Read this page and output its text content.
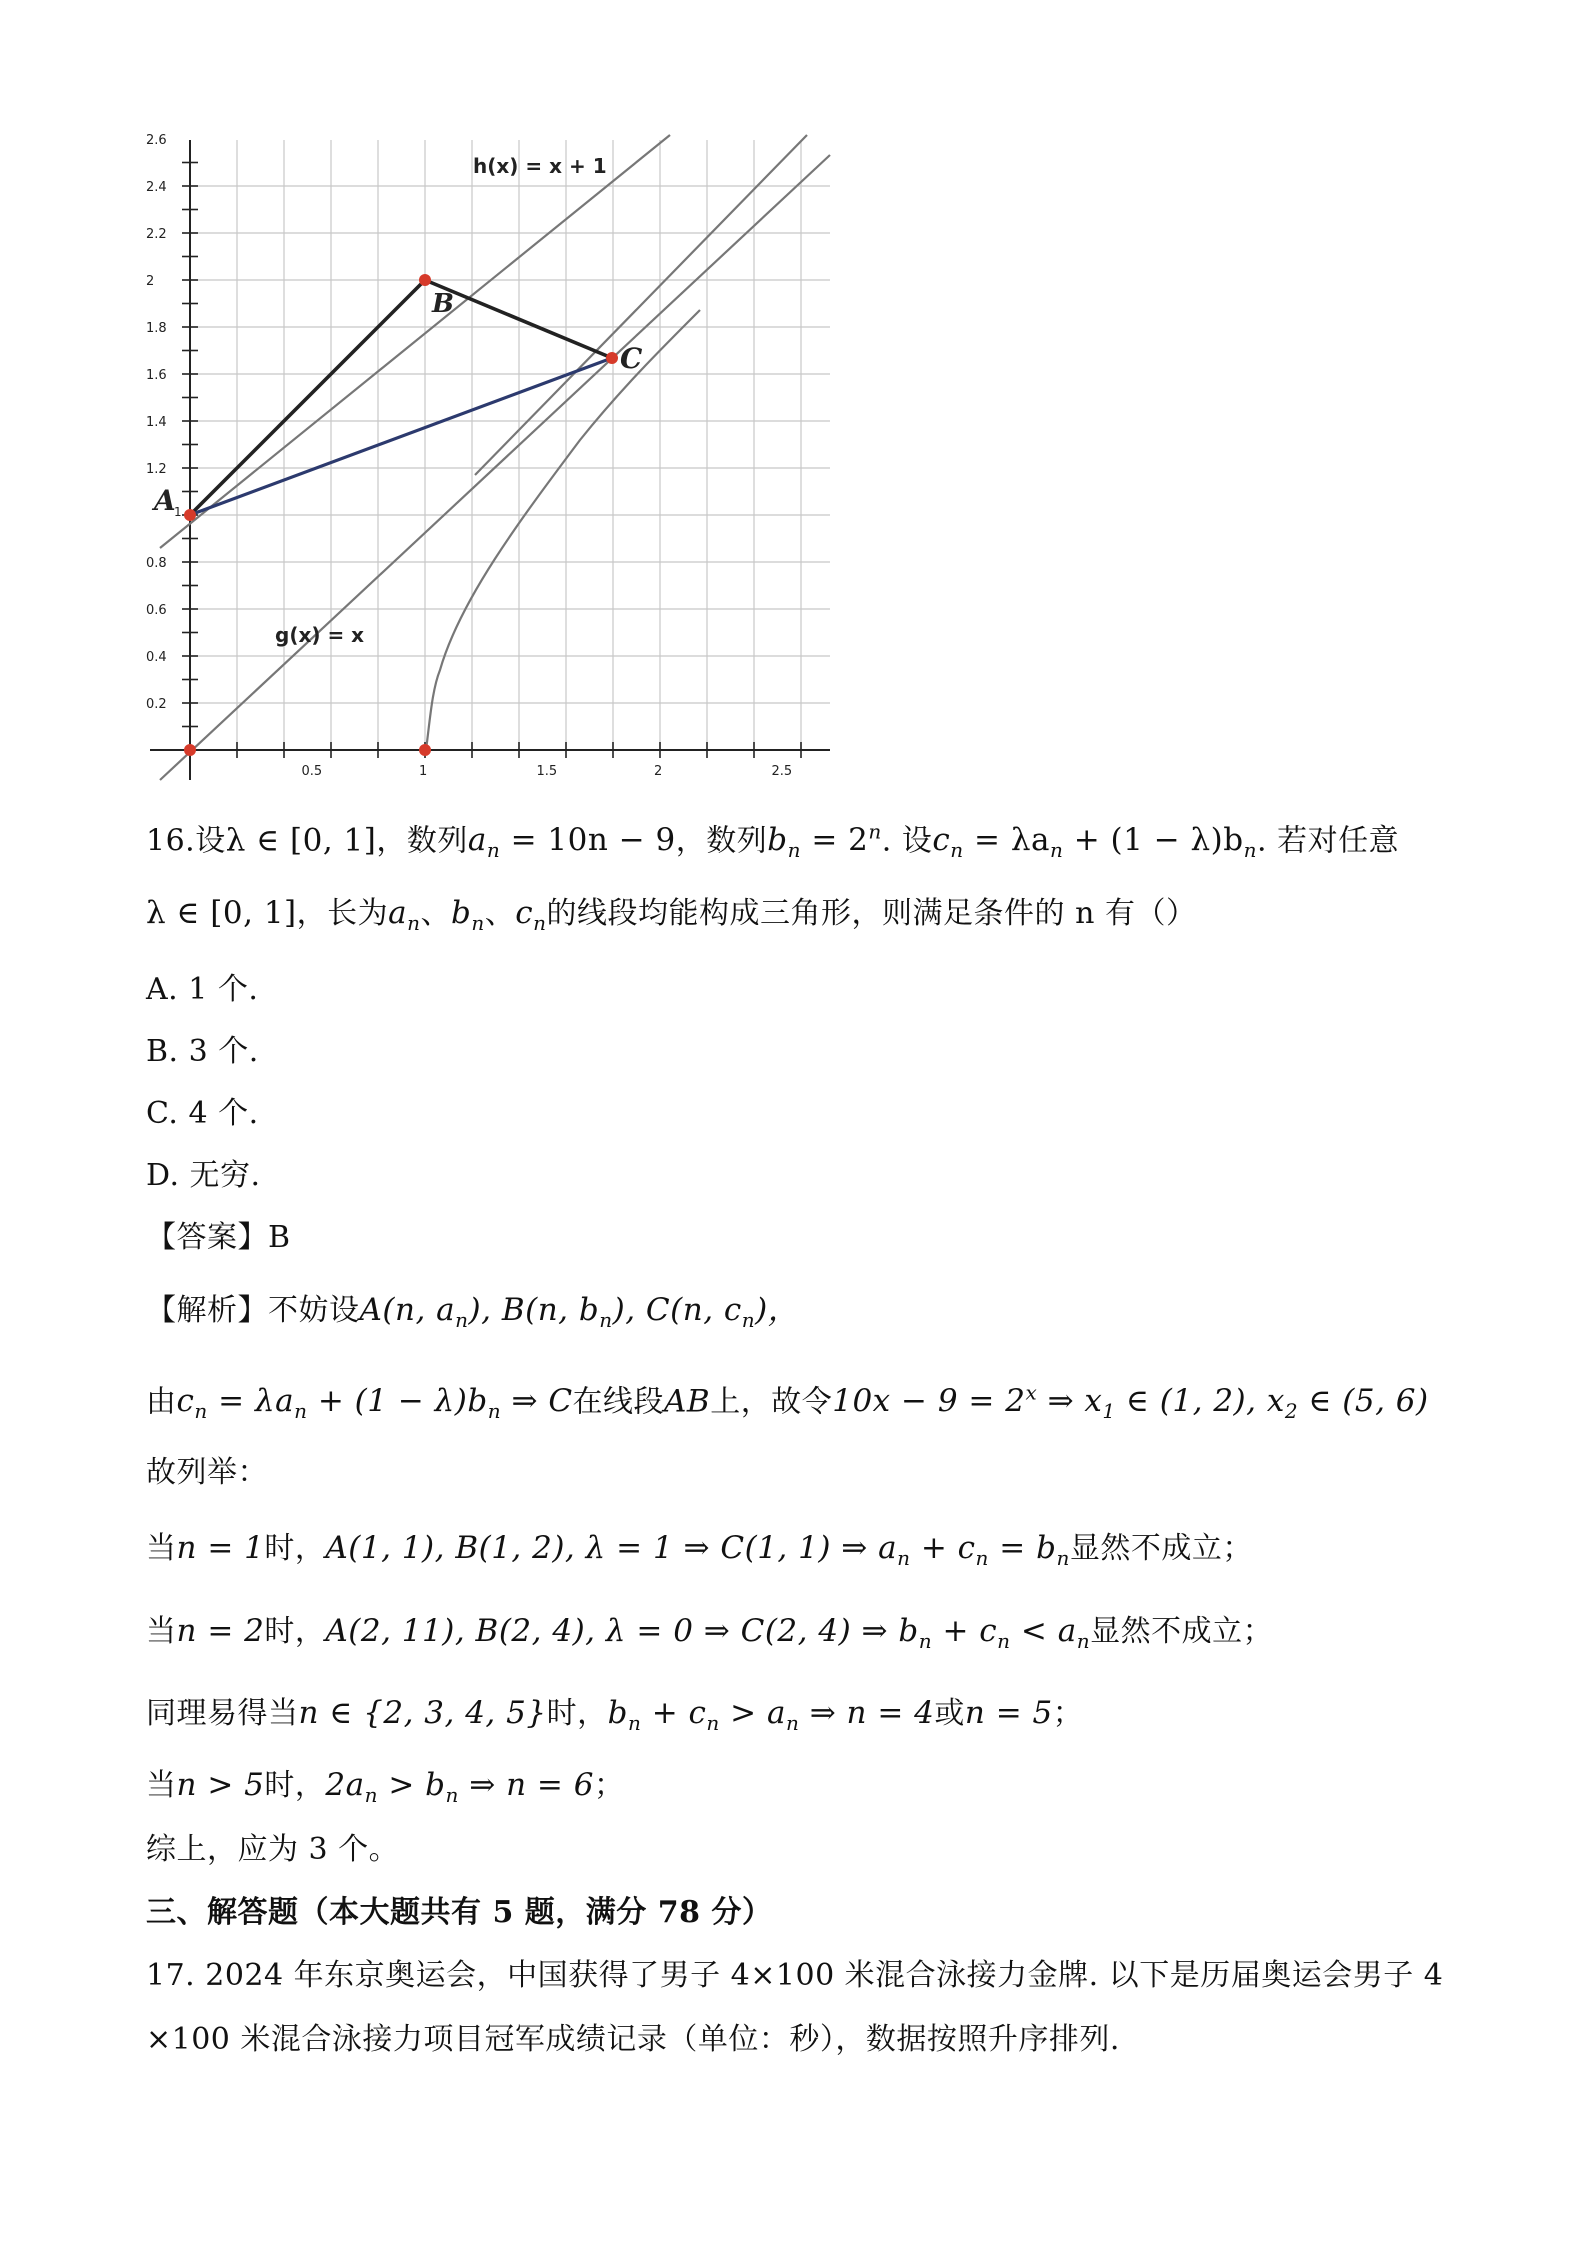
0.5	1	1.5	2	2.5
0.2
0.4
0.6
0.8
1.2
1.4
1.6
1.8
2
2.2
2.4
2.6
h(x) = x + 1
g(x) = x
A
1
B
C
16.设λ ∈ [0, 1]，数列$a_n = 10n - 9$，数列$b_n = 2^n$. 设$c_n = \lambda a_n + (1 - \lambda)b_n$. 若对任意
λ ∈ [0, 1]，长为$a_n$、$b_n$、$c_n$的线段均能构成三角形，则满足条件的 n 有（）
A. 1 个.
B. 3 个.
C. 4 个.
D. 无穷.
【答案】B
【解析】不妨设A(n, $a_n$), B(n, $b_n$), C(n, $c_n$)，
由$c_n = \lambda a_n + (1 - \lambda)b_n$ ⇒ C在线段AB上，故令$10x - 9 = 2^x$ ⇒ $x_1$ ∈ (1, 2), $x_2$ ∈ (5, 6)
故列举：
当n = 1时，A(1, 1), B(1, 2), λ = 1 ⇒ C(1, 1) ⇒ $a_n + c_n = b_n$显然不成立；
当n = 2时，A(2, 11), B(2, 4), λ = 0 ⇒ C(2, 4) ⇒ $b_n + c_n < a_n$显然不成立；
同理易得当n ∈ {2, 3, 4, 5}时，$b_n + c_n > a_n$ ⇒ n = 4或n = 5；
当n > 5时，$2a_n > b_n$ ⇒ n = 6；
综上，应为 3 个。
三、解答题（本大题共有 5 题，满分 78 分）
17. 2024 年东京奥运会，中国获得了男子 4×100 米混合泳接力金牌. 以下是历届奥运会男子 4
×100 米混合泳接力项目冠军成绩记录（单位：秒），数据按照升序排列.
